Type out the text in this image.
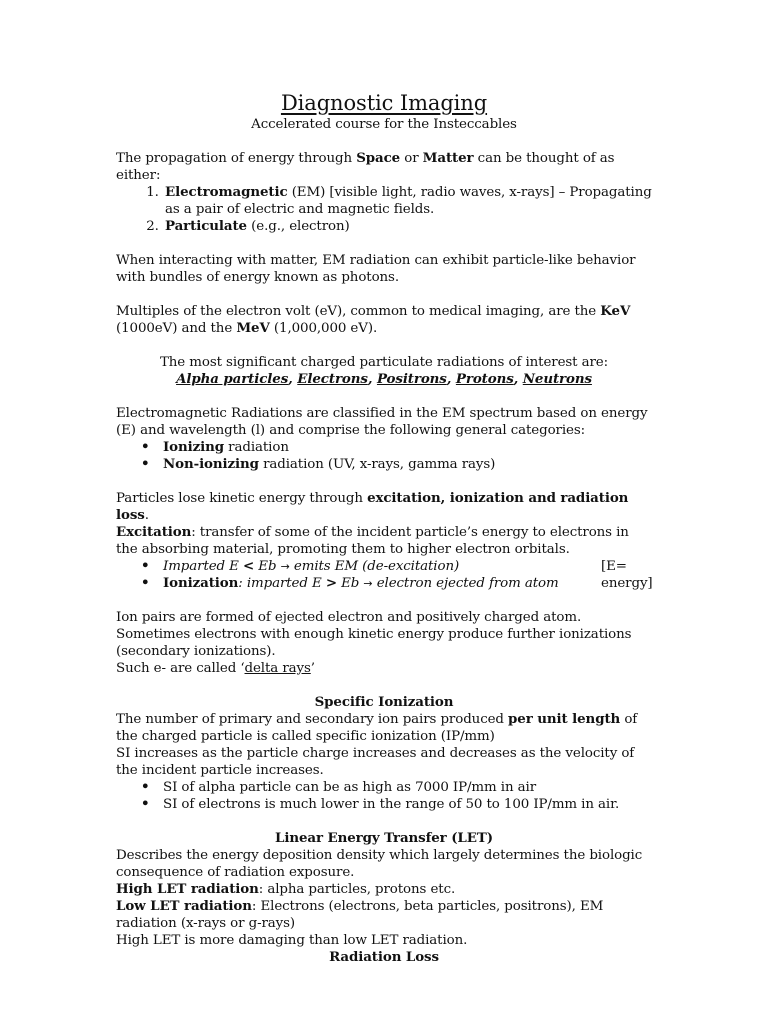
Diagnostic Imaging

Accelerated course for the Insteccables

The propagation of energy through Space or Matter can be thought of as either:

1. Electromagnetic (EM) [visible light, radio waves, x-rays] – Propagating as a pair of electric and magnetic fields.
2. Particulate (e.g., electron)

When interacting with matter, EM radiation can exhibit particle-like behavior with bundles of energy known as photons.

Multiples of the electron volt (eV), common to medical imaging, are the KeV (1000eV) and the MeV (1,000,000 eV).

The most significant charged particulate radiations of interest are:

Alpha particles, Electrons, Positrons, Protons, Neutrons

Electromagnetic Radiations are classified in the EM spectrum based on energy (E) and wavelength (l) and comprise the following general categories:

• Ionizing radiation
• Non-ionizing radiation (UV, x-rays, gamma rays)

Particles lose kinetic energy through excitation, ionization and radiation loss.

Excitation: transfer of some of the incident particle’s energy to electrons in the absorbing material, promoting them to higher electron orbitals.

• Imparted E < Eb → emits EM (de-excitation)	[E= energy]
• Ionization: imparted E > Eb → electron ejected from atom

Ion pairs are formed of ejected electron and positively charged atom.

Sometimes electrons with enough kinetic energy produce further ionizations (secondary ionizations).

Such e- are called ‘delta rays’

Specific Ionization

The number of primary and secondary ion pairs produced per unit length of the charged particle is called specific ionization (IP/mm)

SI increases as the particle charge increases and decreases as the velocity of the incident particle increases.

• SI of alpha particle can be as high as 7000 IP/mm in air
• SI of electrons is much lower in the range of 50 to 100 IP/mm in air.

Linear Energy Transfer (LET)

Describes the energy deposition density which largely determines the biologic consequence of radiation exposure.

High LET radiation: alpha particles, protons etc.

Low LET radiation: Electrons (electrons, beta particles, positrons), EM radiation (x-rays or g-rays)

High LET is more damaging than low LET radiation.

Radiation Loss
